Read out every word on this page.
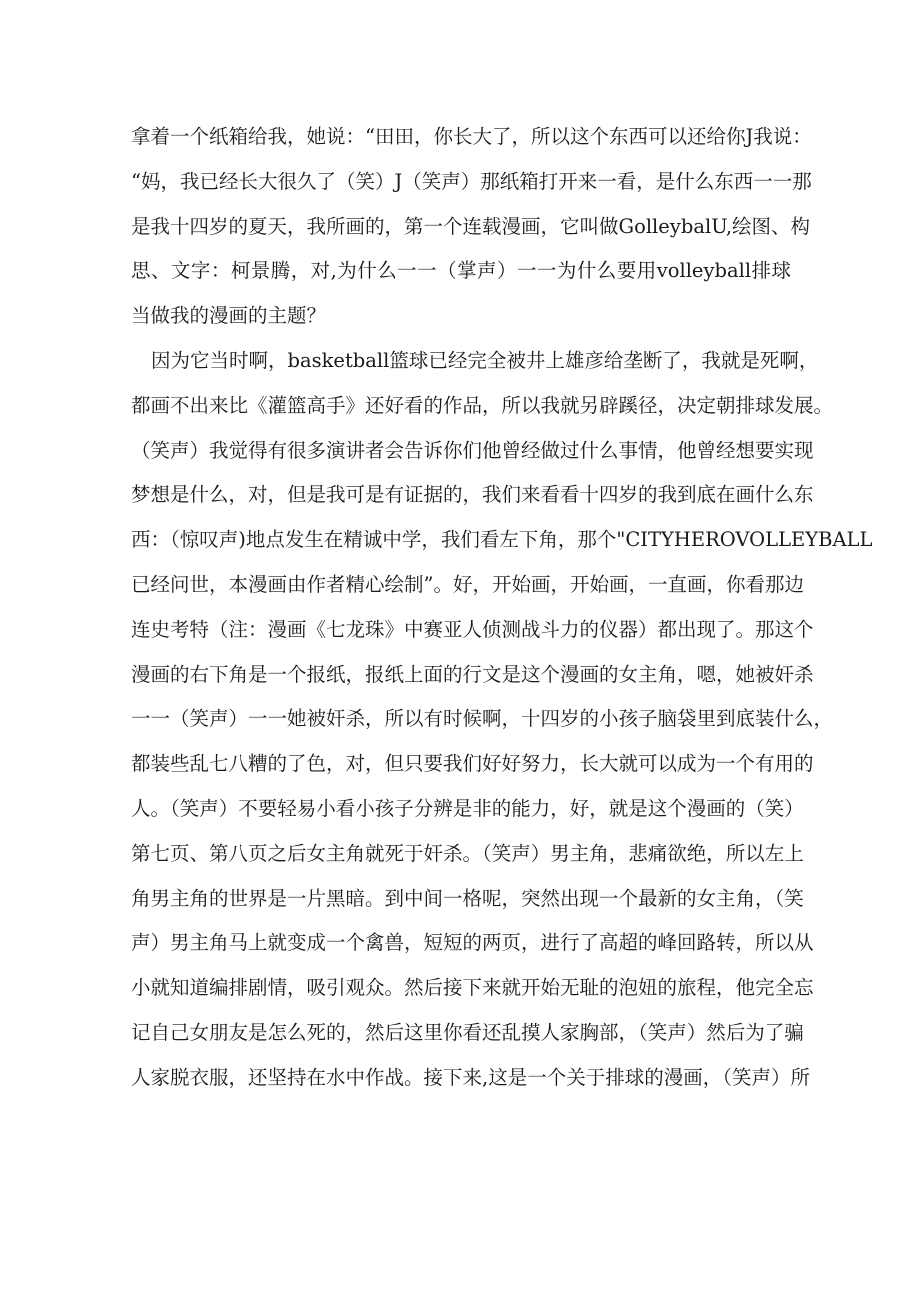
拿着一个纸箱给我，她说：“田田，你长大了，所以这个东西可以还给你J我说：
“妈，我已经长大很久了（笑）J（笑声）那纸箱打开来一看，是什么东西一一那
是我十四岁的夏天，我所画的，第一个连载漫画，它叫做GolleybalU,绘图、构
思、文字：柯景腾，对,为什么一一（掌声）一一为什么要用volleyball排球
当做我的漫画的主题？
因为它当时啊，basketball篮球已经完全被井上雄彦给垄断了，我就是死啊，
都画不出来比《灌篮高手》还好看的作品，所以我就另辟蹊径，决定朝排球发展。
（笑声）我觉得有很多演讲者会告诉你们他曾经做过什么事情，他曾经想要实现
梦想是什么，对，但是我可是有证据的，我们来看看十四岁的我到底在画什么东
西：（惊叹声)地点发生在精诚中学，我们看左下角，那个"CITYHEROVOLLEYBALL
已经问世，本漫画由作者精心绘制”。好，开始画，开始画，一直画，你看那边
连史考特（注：漫画《七龙珠》中赛亚人侦测战斗力的仪器）都出现了。那这个
漫画的右下角是一个报纸，报纸上面的行文是这个漫画的女主角，嗯，她被奸杀
一一（笑声）一一她被奸杀，所以有时候啊，十四岁的小孩子脑袋里到底装什么，
都装些乱七八糟的了色，对，但只要我们好好努力，长大就可以成为一个有用的
人。（笑声）不要轻易小看小孩子分辨是非的能力，好，就是这个漫画的（笑）
第七页、第八页之后女主角就死于奸杀。（笑声）男主角，悲痛欲绝，所以左上
角男主角的世界是一片黑暗。到中间一格呢，突然出现一个最新的女主角，（笑
声）男主角马上就变成一个禽兽，短短的两页，进行了高超的峰回路转，所以从
小就知道编排剧情，吸引观众。然后接下来就开始无耻的泡妞的旅程，他完全忘
记自己女朋友是怎么死的，然后这里你看还乱摸人家胸部，（笑声）然后为了骗
人家脱衣服，还坚持在水中作战。接下来,这是一个关于排球的漫画，（笑声）所
